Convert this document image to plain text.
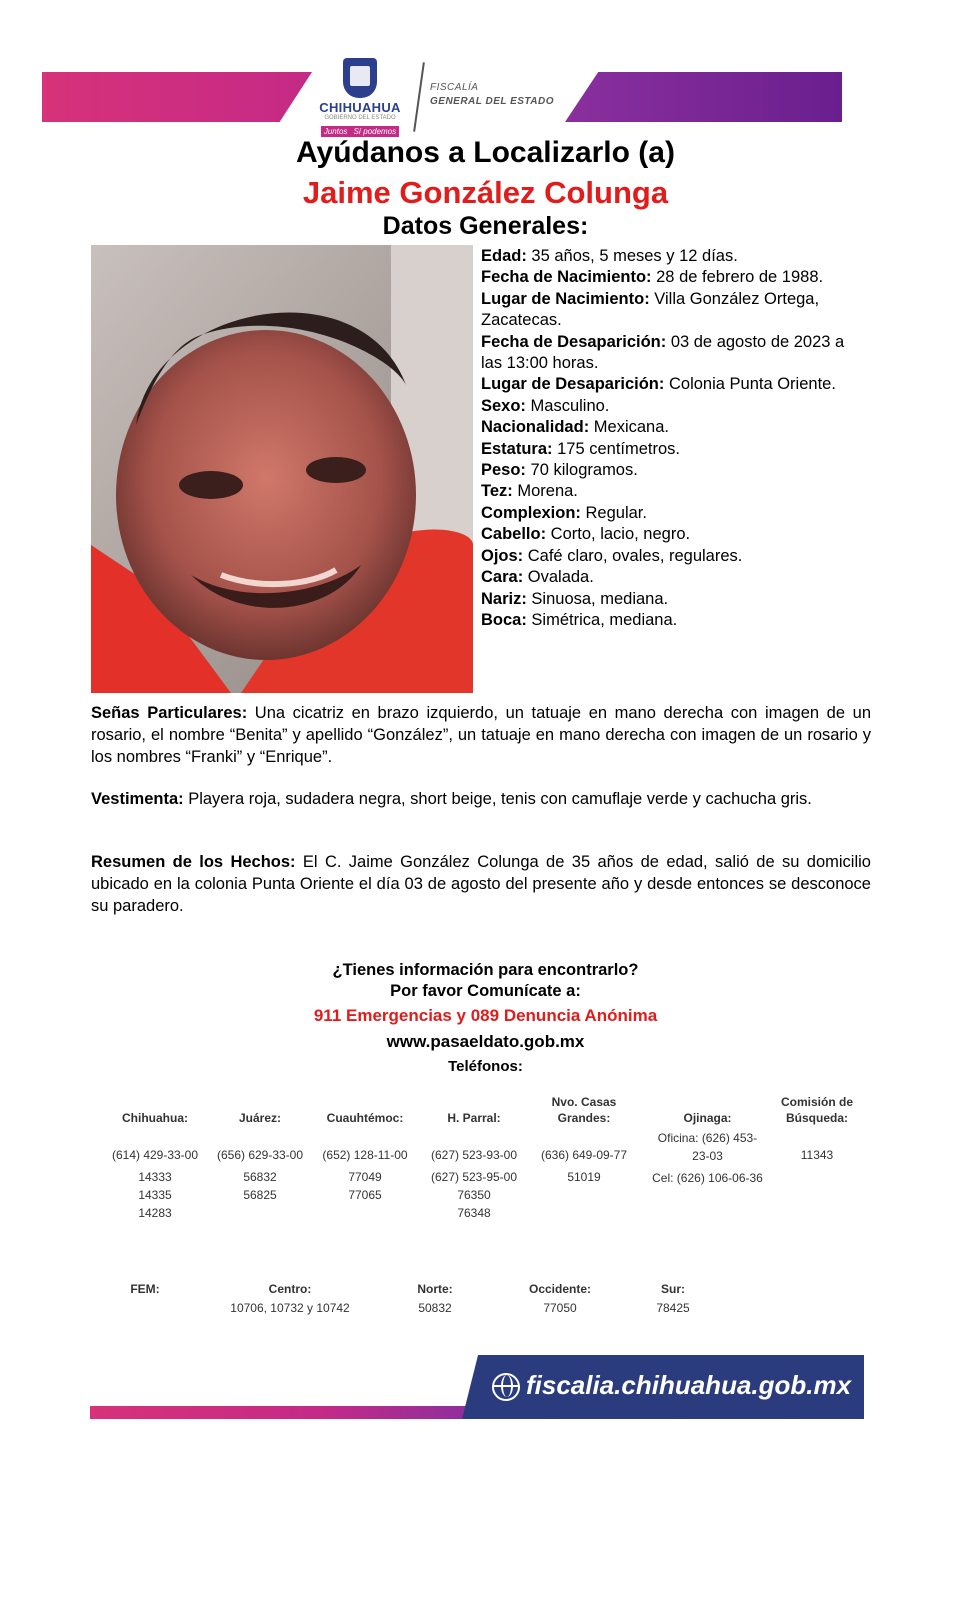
CHIHUAHUA
GOBIERNO DEL ESTADO
Juntos Sí podemos
FISCALÍA
GENERAL DEL ESTADO
Ayúdanos a Localizarlo (a)
Jaime González Colunga
Datos Generales:

Edad: 35 años, 5 meses y 12 días.

Fecha de Nacimiento: 28 de febrero de 1988.

Lugar de Nacimiento: Villa González Ortega, Zacatecas.

Fecha de Desaparición: 03 de agosto de 2023 a las 13:00 horas.

Lugar de Desaparición: Colonia Punta Oriente.

Sexo: Masculino.

Nacionalidad: Mexicana.

Estatura: 175 centímetros.

Peso: 70 kilogramos.

Tez: Morena.

Complexion: Regular.

Cabello: Corto, lacio, negro.

Ojos: Café claro, ovales, regulares.

Cara: Ovalada.

Nariz: Sinuosa, mediana.

Boca: Simétrica, mediana.

Señas Particulares: Una cicatriz en brazo izquierdo, un tatuaje en mano derecha con imagen de un rosario, el nombre “Benita” y apellido “González”, un tatuaje en mano derecha con imagen de un rosario y los nombres “Franki” y “Enrique”.
Vestimenta: Playera roja, sudadera negra, short beige, tenis con camuflaje verde y cachucha gris.
Resumen de los Hechos: El C. Jaime González Colunga de 35 años de edad, salió de su domicilio ubicado en la colonia Punta Oriente el día 03 de agosto del presente año y desde entonces se desconoce su paradero.
¿Tienes información para encontrarlo?
Por favor Comunícate a:
911 Emergencias y 089 Denuncia Anónima
www.pasaeldato.gob.mx
Teléfonos:
Chihuahua:
(614) 429-33-00
14333
14335
14283
Juárez:
(656) 629-33-00
56832
56825
Cuauhtémoc:
(652) 128-11-00
77049
77065
H. Parral:
(627) 523-93-00
(627) 523-95-00
76350
76348
Nvo. Casas
Grandes:
(636) 649-09-77
51019
Ojinaga:
Oficina: (626) 453-
23-03
Cel: (626) 106-06-36
Comisión de
Búsqueda:
11343
FEM:	Centro:
10706, 10732 y 10742
Norte:
50832
Occidente:
77050
Sur:
78425
fiscalia.chihuahua.gob.mx
